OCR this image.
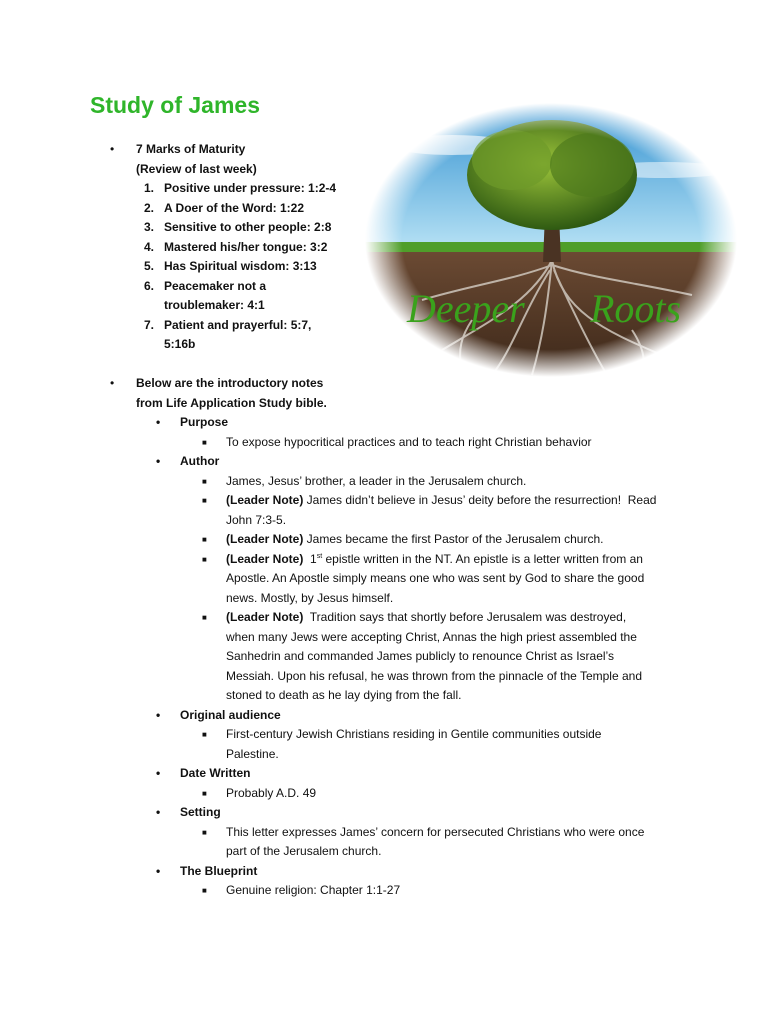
Study of James
Deeper Roots
• 7 Marks of Maturity
(Review of last week)
1. Positive under pressure: 1:2-4
2. A Doer of the Word: 1:22
3. Sensitive to other people: 2:8
4. Mastered his/her tongue: 3:2
5. Has Spiritual wisdom: 3:13
6. Peacemaker not a
troublemaker: 4:1
7. Patient and prayerful: 5:7,
5:16b
• Below are the introductory notes
from Life Application Study bible.
• Purpose
■ To expose hypocritical practices and to teach right Christian behavior
• Author
■ James, Jesus’ brother, a leader in the Jerusalem church.
■ (Leader Note) James didn’t believe in Jesus’ deity before the resurrection!  Read
John 7:3-5.
■ (Leader Note) James became the first Pastor of the Jerusalem church.
■ (Leader Note)  1st epistle written in the NT. An epistle is a letter written from an
Apostle. An Apostle simply means one who was sent by God to share the good
news. Mostly, by Jesus himself.
■ (Leader Note)  Tradition says that shortly before Jerusalem was destroyed,
when many Jews were accepting Christ, Annas the high priest assembled the
Sanhedrin and commanded James publicly to renounce Christ as Israel’s
Messiah. Upon his refusal, he was thrown from the pinnacle of the Temple and
stoned to death as he lay dying from the fall.
• Original audience
■ First-century Jewish Christians residing in Gentile communities outside
Palestine.
• Date Written
■ Probably A.D. 49
• Setting
■ This letter expresses James’ concern for persecuted Christians who were once
part of the Jerusalem church.
• The Blueprint
■ Genuine religion: Chapter 1:1-27
